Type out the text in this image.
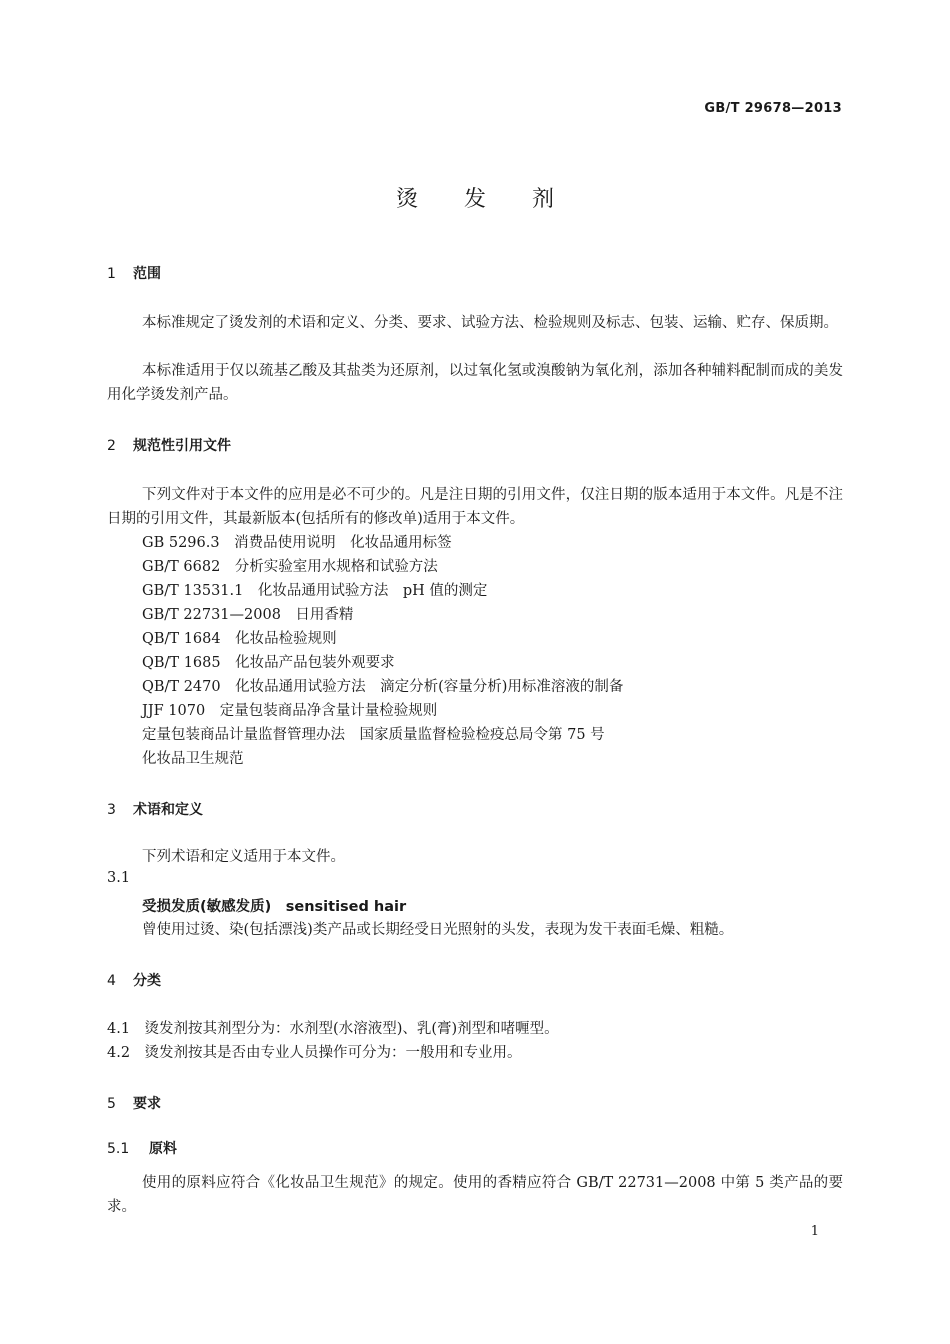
GB/T 29678—2013
烫发剂
1 范围
本标准规定了烫发剂的术语和定义、分类、要求、试验方法、检验规则及标志、包装、运输、贮存、保质期。
本标准适用于仅以巯基乙酸及其盐类为还原剂，以过氧化氢或溴酸钠为氧化剂，添加各种辅料配制而成的美发用化学烫发剂产品。
2 规范性引用文件
下列文件对于本文件的应用是必不可少的。凡是注日期的引用文件，仅注日期的版本适用于本文件。凡是不注日期的引用文件，其最新版本(包括所有的修改单)适用于本文件。
GB 5296.3　消费品使用说明　化妆品通用标签
GB/T 6682　分析实验室用水规格和试验方法
GB/T 13531.1　化妆品通用试验方法　pH 值的测定
GB/T 22731—2008　日用香精
QB/T 1684　化妆品检验规则
QB/T 1685　化妆品产品包装外观要求
QB/T 2470　化妆品通用试验方法　滴定分析(容量分析)用标准溶液的制备
JJF 1070　定量包装商品净含量计量检验规则
定量包装商品计量监督管理办法　国家质量监督检验检疫总局令第 75 号
化妆品卫生规范
3 术语和定义
下列术语和定义适用于本文件。
3.1
受损发质(敏感发质)　sensitised hair
曾使用过烫、染(包括漂浅)类产品或长期经受日光照射的头发，表现为发干表面毛燥、粗糙。
4 分类
4.1　烫发剂按其剂型分为：水剂型(水溶液型)、乳(膏)剂型和啫喱型。
4.2　烫发剂按其是否由专业人员操作可分为：一般用和专业用。
5 要求
5.1 原料
使用的原料应符合《化妆品卫生规范》的规定。使用的香精应符合 GB/T 22731—2008 中第 5 类产品的要求。
1
